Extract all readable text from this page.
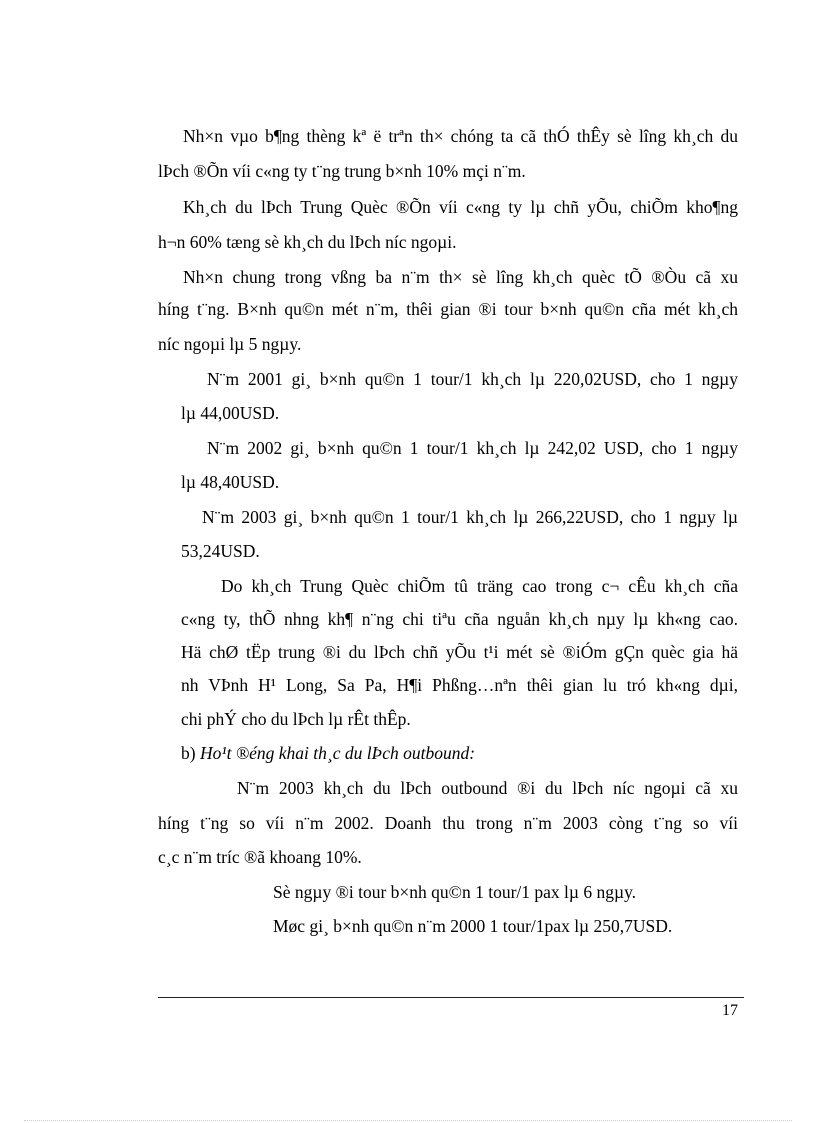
Nh×n vµo b¶ng thèng kª ë trªn th× chóng ta cã thÓ thÊy sè lîng kh¸ch du

lÞch ®Õn víi c«ng ty t¨ng trung b×nh 10% mçi n¨m.

Kh¸ch du lÞch Trung Quèc ®Õn víi c«ng ty lµ chñ yÕu, chiÕm kho¶ng

h¬n 60% tæng sè kh¸ch du lÞch níc ngoµi.

Nh×n chung trong vßng ba n¨m th× sè lîng kh¸ch quèc tÕ ®Òu cã xu

híng t¨ng. B×nh qu©n mét n¨m, thêi gian ®i tour b×nh qu©n cña mét kh¸ch

níc ngoµi lµ 5 ngµy.

N¨m 2001 gi¸ b×nh qu©n 1 tour/1 kh¸ch lµ 220,02USD, cho 1 ngµy

lµ 44,00USD.

N¨m 2002 gi¸ b×nh qu©n 1 tour/1 kh¸ch lµ 242,02 USD, cho 1 ngµy

lµ 48,40USD.

N¨m 2003 gi¸ b×nh qu©n 1 tour/1 kh¸ch lµ 266,22USD, cho 1 ngµy lµ

53,24USD.

Do kh¸ch Trung Quèc chiÕm tû träng cao trong c¬ cÊu kh¸ch cña

c«ng ty, thÕ nhng kh¶ n¨ng chi tiªu cña nguån kh¸ch nµy lµ kh«ng cao.

Hä chØ tËp trung ®i du lÞch chñ yÕu t¹i mét sè ®iÓm gÇn quèc gia hä

nh VÞnh H¹ Long, Sa Pa, H¶i Phßng…nªn thêi gian lu tró kh«ng dµi,

chi phÝ cho du lÞch lµ rÊt thÊp.

b) Ho¹t ®éng khai th¸c du lÞch outbound:

N¨m 2003 kh¸ch du lÞch outbound ®i du lÞch níc ngoµi cã xu

híng t¨ng so víi n¨m 2002. Doanh thu trong n¨m 2003 còng t¨ng so víi

c¸c n¨m tríc ®ã khoang 10%.

Sè ngµy ®i tour b×nh qu©n 1 tour/1 pax lµ 6 ngµy.

Møc gi¸ b×nh qu©n n¨m 2000 1 tour/1pax lµ 250,7USD.

17
